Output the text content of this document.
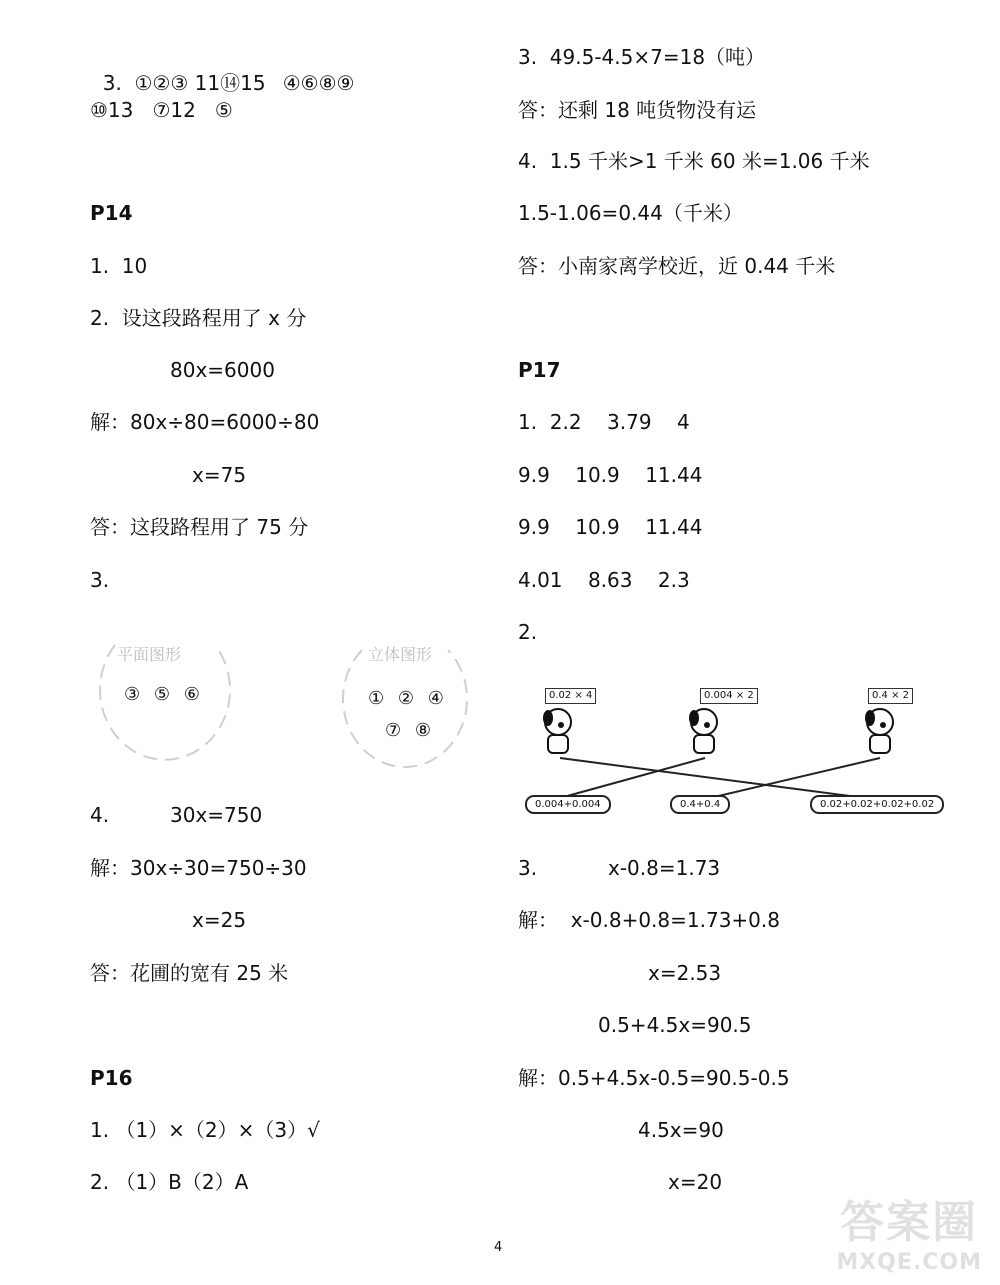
3.  ①②③ 11⑭15 ④⑥⑧⑨

⑩13   ⑦12   ⑤
P14
1.  10
2.  设这段路程用了 x 分
80x=6000
解：80x÷80=6000÷80
x=75
答：这段路程用了 75 分
3.
平面图形
③ ⑤ ⑥
立体图形
① ② ④
⑦ ⑧
4.	30x=750
解：30x÷30=750÷30
x=25
答：花圃的宽有 25 米
P16
1. （1）×（2）×（3）√
2. （1）B（2）A
3.  49.5-4.5×7=18（吨）
答：还剩 18 吨货物没有运
4.  1.5 千米>1 千米 60 米=1.06 千米
1.5-1.06=0.44（千米）
答：小南家离学校近，近 0.44 千米
P17
1.  2.2    3.79    4
9.9    10.9    11.44
9.9    10.9    11.44
4.01    8.63    2.3
2.
0.02 × 4	0.004 × 2	0.4 × 2
0.004+0.004	0.4+0.4	0.02+0.02+0.02+0.02
3.	x-0.8=1.73
解：  x-0.8+0.8=1.73+0.8
x=2.53
0.5+4.5x=90.5
解：0.5+4.5x-0.5=90.5-0.5
4.5x=90
x=20
4	答案圈
MXQE.COM
